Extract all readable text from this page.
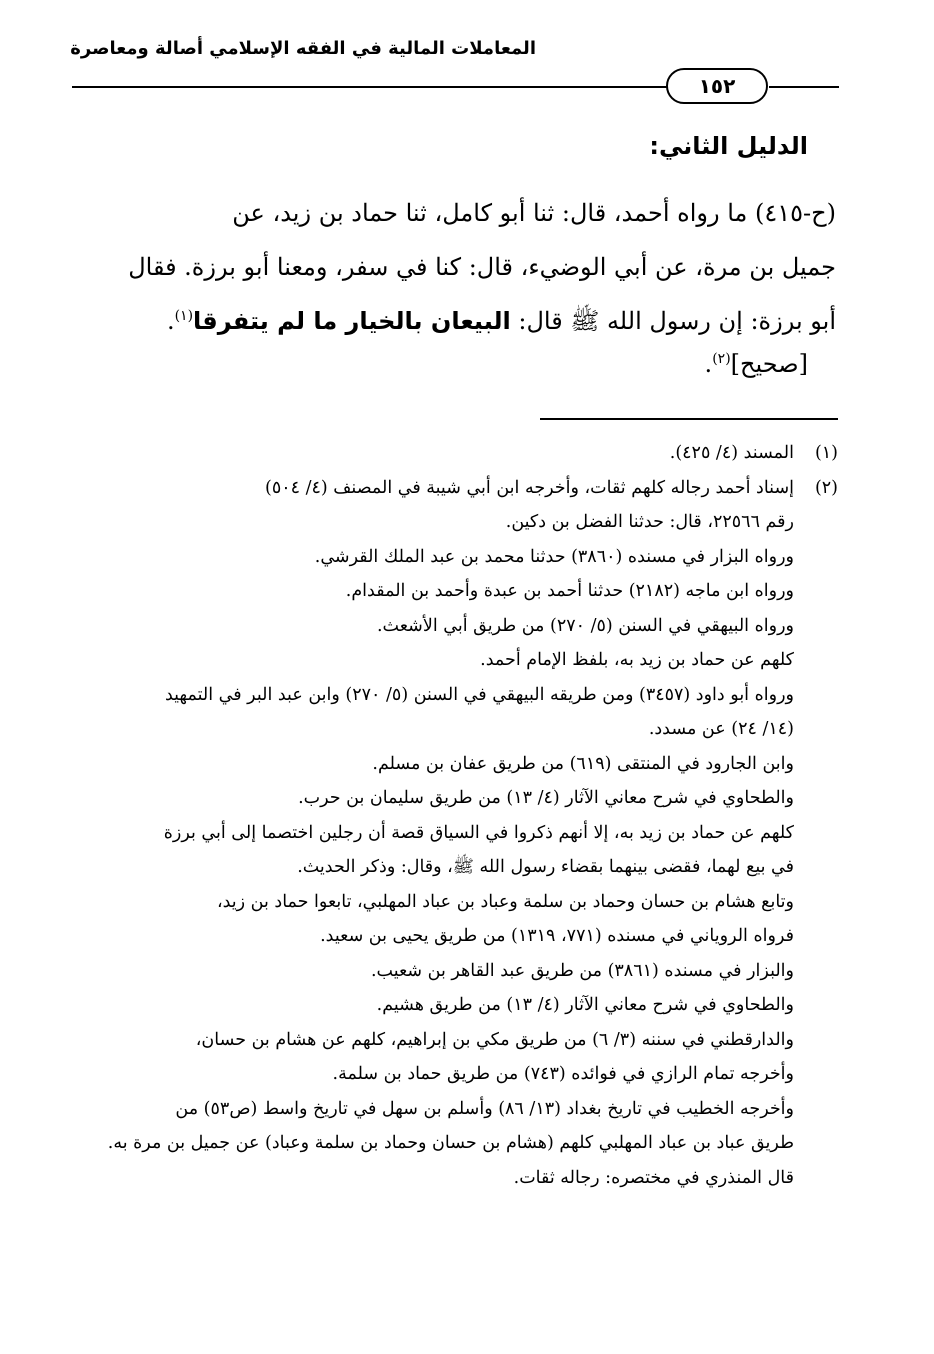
المعاملات المالية في الفقه الإسلامي أصالة ومعاصرة
١٥٢
الدليل الثاني:
(ح-٤١٥) ما رواه أحمد، قال: ثنا أبو كامل، ثنا حماد بن زيد، عن
جميل بن مرة، عن أبي الوضيء، قال: كنا في سفر، ومعنا أبو برزة. فقال
أبو برزة: إن رسول الله ﷺ قال: البيعان بالخيار ما لم يتفرقا$^{(١)}$.
[صحيح]$^{(٢)}$.
(١)المسند (٤/ ٤٢٥).
(٢)إسناد أحمد رجاله كلهم ثقات، وأخرجه ابن أبي شيبة في المصنف (٤/ ٥٠٤)
رقم ٢٢٥٦٦، قال: حدثنا الفضل بن دكين.
ورواه البزار في مسنده (٣٨٦٠) حدثنا محمد بن عبد الملك القرشي.
ورواه ابن ماجه (٢١٨٢) حدثنا أحمد بن عبدة وأحمد بن المقدام.
ورواه البيهقي في السنن (٥/ ٢٧٠) من طريق أبي الأشعث.
كلهم عن حماد بن زيد به، بلفظ الإمام أحمد.
ورواه أبو داود (٣٤٥٧) ومن طريقه البيهقي في السنن (٥/ ٢٧٠) وابن عبد البر في التمهيد
(١٤/ ٢٤) عن مسدد.
وابن الجارود في المنتقى (٦١٩) من طريق عفان بن مسلم.
والطحاوي في شرح معاني الآثار (٤/ ١٣) من طريق سليمان بن حرب.
كلهم عن حماد بن زيد به، إلا أنهم ذكروا في السياق قصة أن رجلين اختصما إلى أبي برزة
في بيع لهما، فقضى بينهما بقضاء رسول الله ﷺ، وقال: وذكر الحديث.
وتابع هشام بن حسان وحماد بن سلمة وعباد بن عباد المهلبي، تابعوا حماد بن زيد،
فرواه الروياني في مسنده (٧٧١، ١٣١٩) من طريق يحيى بن سعيد.
والبزار في مسنده (٣٨٦١) من طريق عبد القاهر بن شعيب.
والطحاوي في شرح معاني الآثار (٤/ ١٣) من طريق هشيم.
والدارقطني في سننه (٣/ ٦) من طريق مكي بن إبراهيم، كلهم عن هشام بن حسان،
وأخرجه تمام الرازي في فوائده (٧٤٣) من طريق حماد بن سلمة.
وأخرجه الخطيب في تاريخ بغداد (١٣/ ٨٦) وأسلم بن سهل في تاريخ واسط (ص٥٣) من
طريق عباد بن عباد المهلبي كلهم (هشام بن حسان وحماد بن سلمة وعباد) عن جميل بن مرة به.
قال المنذري في مختصره: رجاله ثقات.
